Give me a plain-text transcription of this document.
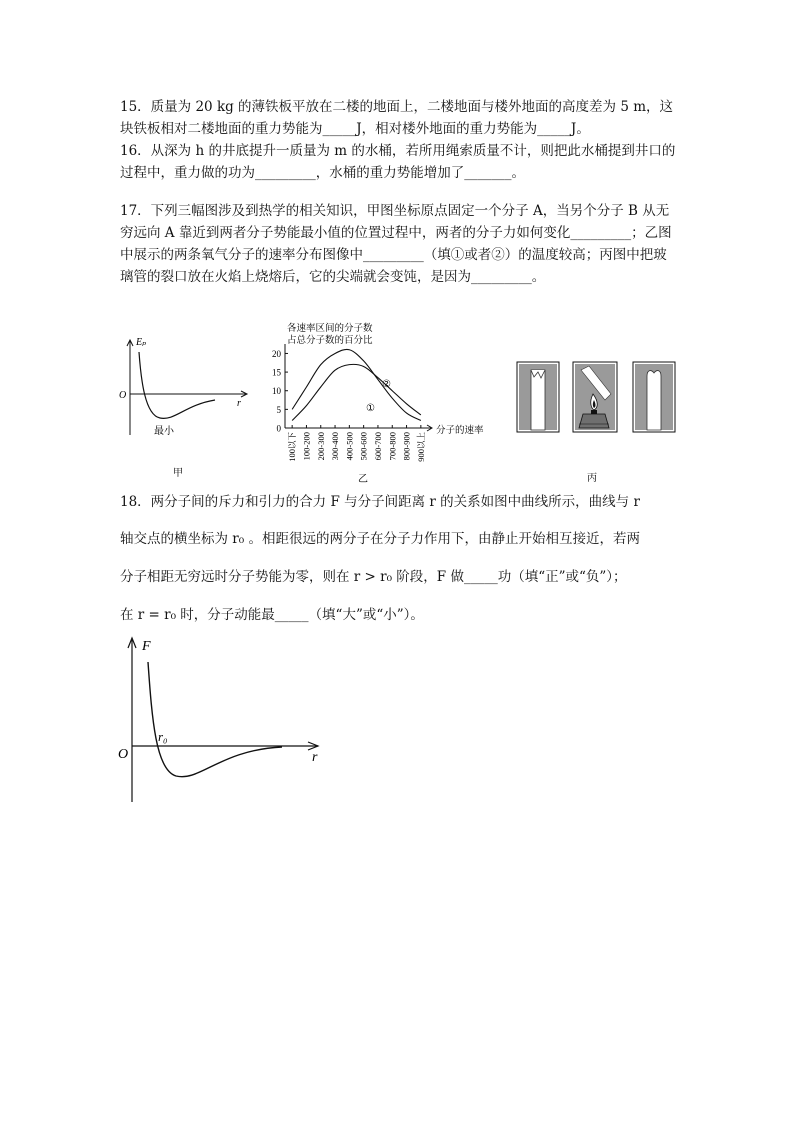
15．质量为 20 kg 的薄铁板平放在二楼的地面上，二楼地面与楼外地面的高度差为 5 m，这块铁板相对二楼地面的重力势能为_____J，相对楼外地面的重力势能为_____J。
16．从深为 h 的井底提升一质量为 m 的水桶，若所用绳索质量不计，则把此水桶提到井口的过程中，重力做的功为_________，水桶的重力势能增加了_______。
17．下列三幅图涉及到热学的相关知识，甲图坐标原点固定一个分子 A，当另个分子 B 从无穷远向 A 靠近到两者分子势能最小值的位置过程中，两者的分子力如何变化_________；乙图中展示的两条氧气分子的速率分布图像中_________（填①或者②）的温度较高；丙图中把玻璃管的裂口放在火焰上烧熔后，它的尖端就会变饨，是因为_________。
Eₚ
O
r
最小
甲
各速率区间的分子数
占总分子数的百分比
0
5
10
15
20
100以下 100-200 200-300 300-400 400-500 500-600 600-700 700-800 800-900 900以上
分子的速率
②
①
乙	丙
18．两分子间的斥力和引力的合力 F 与分子间距离 r 的关系如图中曲线所示，曲线与 r
轴交点的横坐标为 r₀ 。相距很远的两分子在分子力作用下，由静止开始相互接近，若两
分子相距无穷远时分子势能为零，则在 r > r₀ 阶段，F 做_____功（填“正”或“负”）；
在 r = r₀ 时，分子动能最_____（填“大”或“小”）。
F
O	r
r₀
